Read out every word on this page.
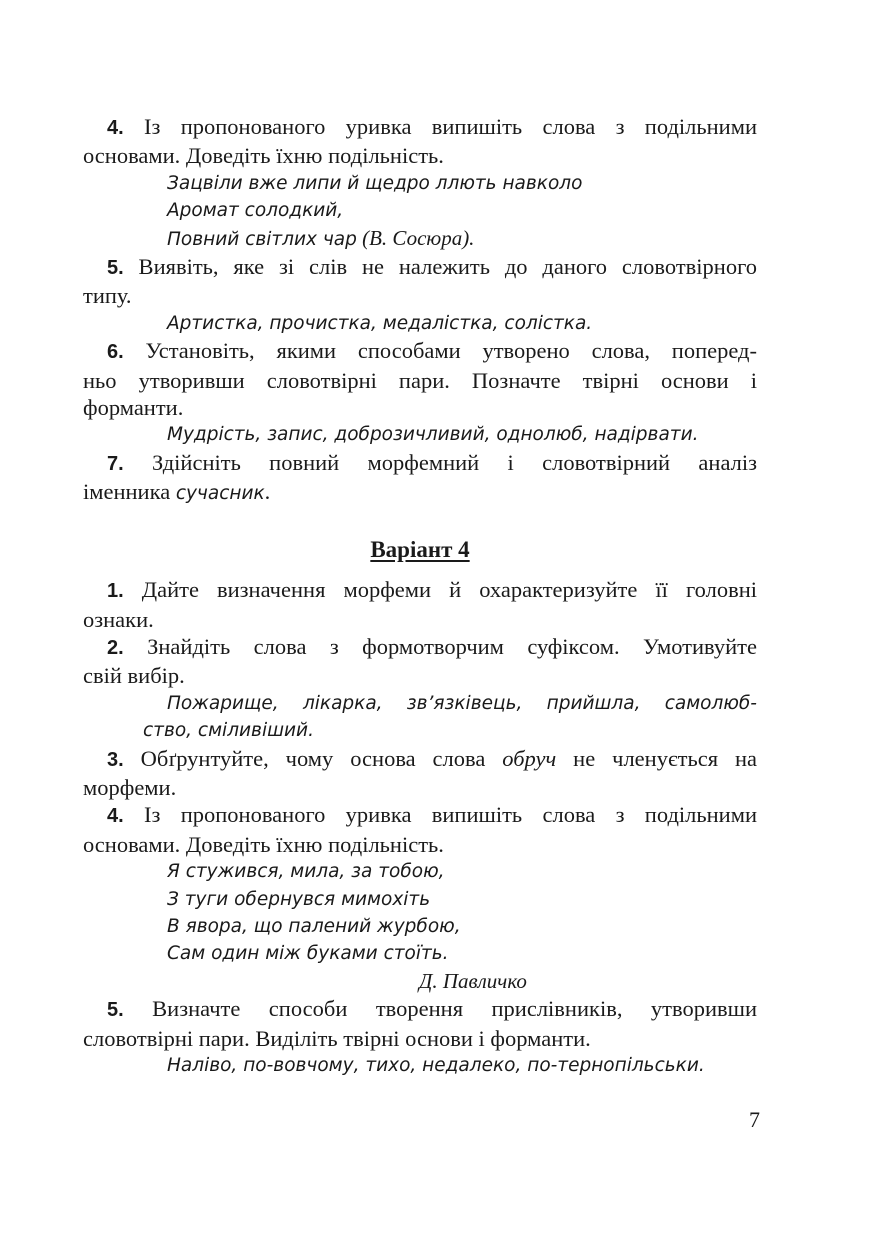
4. Із пропонованого уривка випишіть слова з подільними
основами. Доведіть їхню подільність.
Зацвіли вже липи й щедро ллють навколо
Аромат солодкий,
Повний світлих чар (В. Сосюра).
5. Виявіть, яке зі слів не належить до даного словотвірного
типу.
Артистка, прочистка, медалістка, солістка.
6. Установіть, якими способами утворено слова, поперед-
ньо утворивши словотвірні пари. Позначте твірні основи і
форманти.
Мудрість, запис, доброзичливий, однолюб, надірвати.
7. Здійсніть повний морфемний і словотвірний аналіз
іменника сучасник.
Варіант 4
1. Дайте визначення морфеми й охарактеризуйте її головні
ознаки.
2. Знайдіть слова з формотворчим суфіксом. Умотивуйте
свій вибір.
Пожарище, лікарка, зв’язківець, прийшла, самолюб-
ство, сміливіший.
3. Обґрунтуйте, чому основа слова обруч не членується на
морфеми.
4. Із пропонованого уривка випишіть слова з подільними
основами. Доведіть їхню подільність.
Я стужився, мила, за тобою,
З туги обернувся мимохіть
В явора, що палений журбою,
Сам один між буками стоїть.
Д. Павличко
5. Визначте способи творення прислівників, утворивши
словотвірні пари. Виділіть твірні основи і форманти.
Наліво, по-вовчому, тихо, недалеко, по-тернопільськи.
7
